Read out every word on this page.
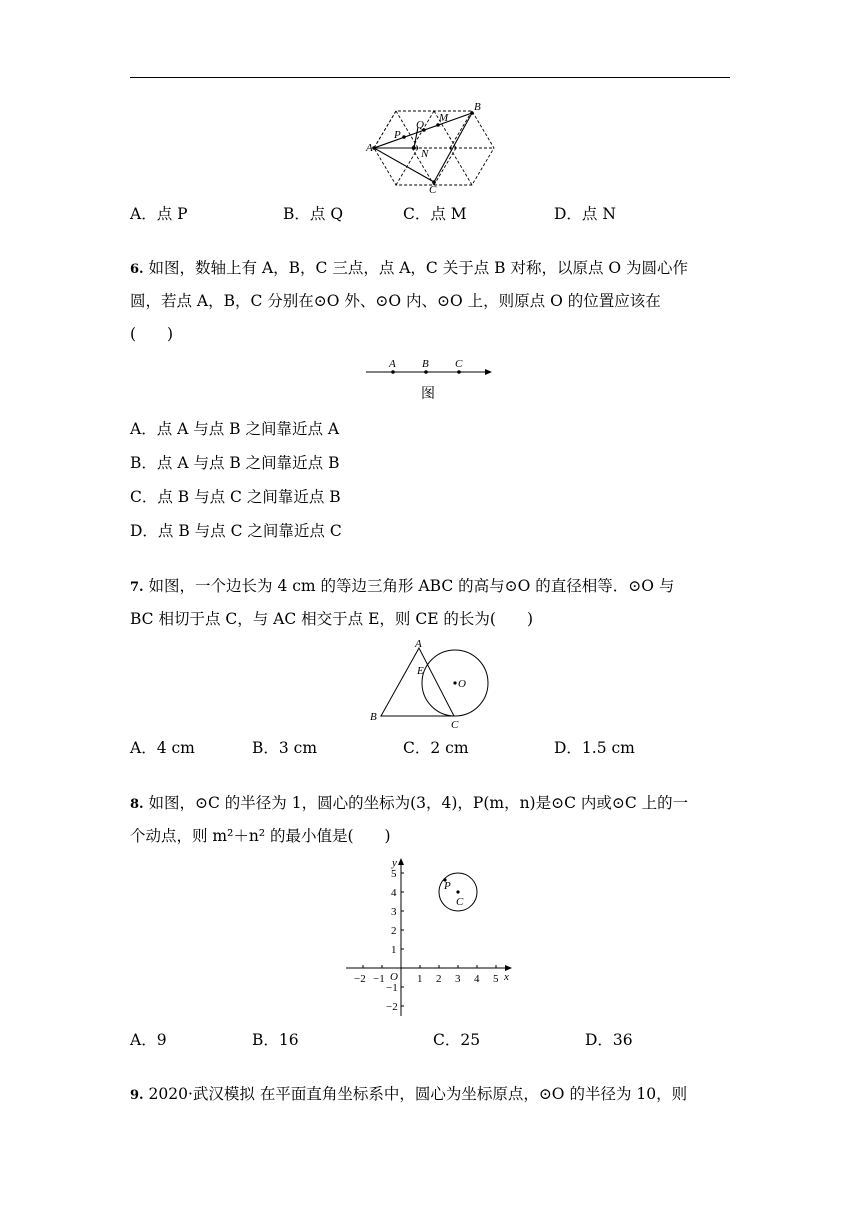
A
B
C
P
Q
M
N
A．点 P	B．点 Q	C．点 M	D．点 N
6. 如图，数轴上有 A，B，C 三点，点 A，C 关于点 B 对称，以原点 O 为圆心作
圆，若点 A，B，C 分别在⊙O 外、⊙O 内、⊙O 上，则原点 O 的位置应该在
(　　)
A B C
图
A．点 A 与点 B 之间靠近点 A
B．点 A 与点 B 之间靠近点 B
C．点 B 与点 C 之间靠近点 B
D．点 B 与点 C 之间靠近点 C
7. 如图，一个边长为 4 cm 的等边三角形 ABC 的高与⊙O 的直径相等．⊙O 与
BC 相切于点 C，与 AC 相交于点 E，则 CE 的长为(　　)
A
B
C
E
O
A．4 cm	B．3 cm	C．2 cm	D．1.5 cm
8. 如图，⊙C 的半径为 1，圆心的坐标为(3，4)，P(m，n)是⊙C 内或⊙C 上的一
个动点，则 m²＋n² 的最小值是(　　)
y
x
O
P
C
−2 −1	1 2 3 4 5
5
4
3
2
1
−1
−2
A．9	B．16	C．25	D．36
9. 2020·武汉模拟 在平面直角坐标系中，圆心为坐标原点，⊙O 的半径为 10，则
